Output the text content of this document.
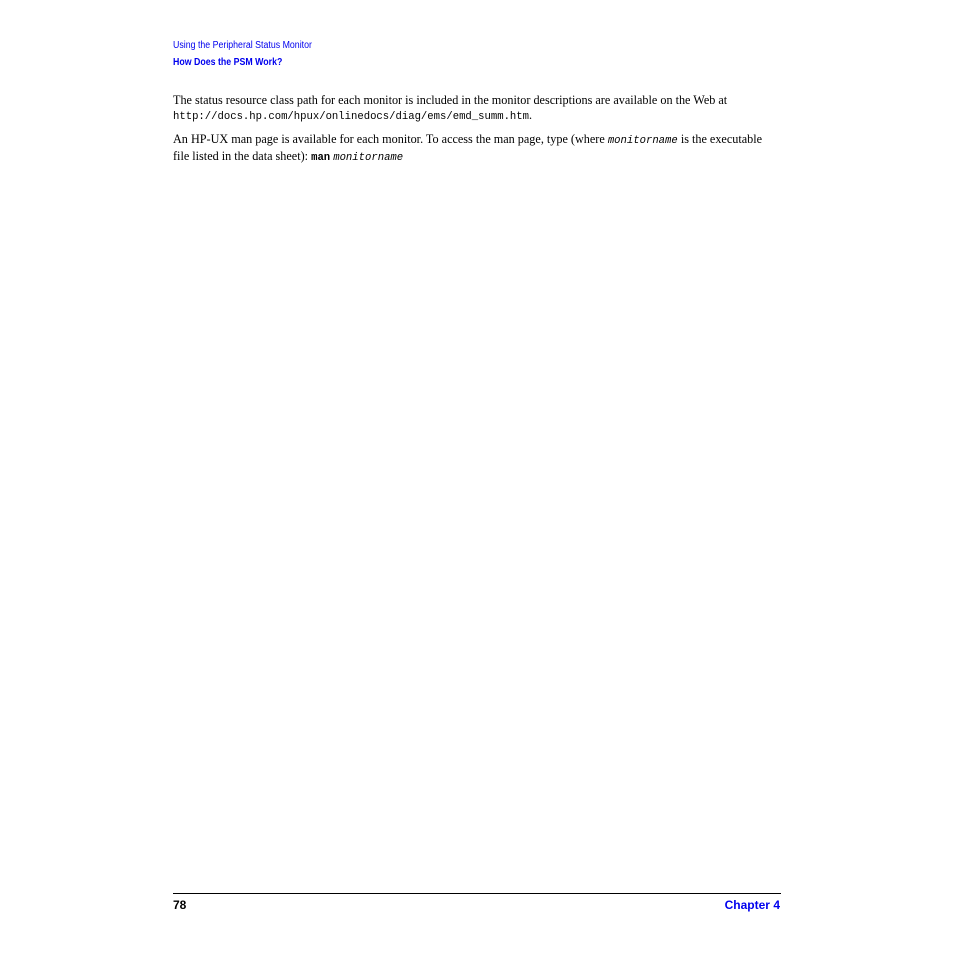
Using the Peripheral Status Monitor
How Does the PSM Work?

The status resource class path for each monitor is included in the monitor descriptions are available on the Web at http://docs.hp.com/hpux/onlinedocs/diag/ems/emd_summ.htm.

An HP-UX man page is available for each monitor. To access the man page, type (where monitorname is the executable file listed in the data sheet): man monitorname

78	Chapter 4
